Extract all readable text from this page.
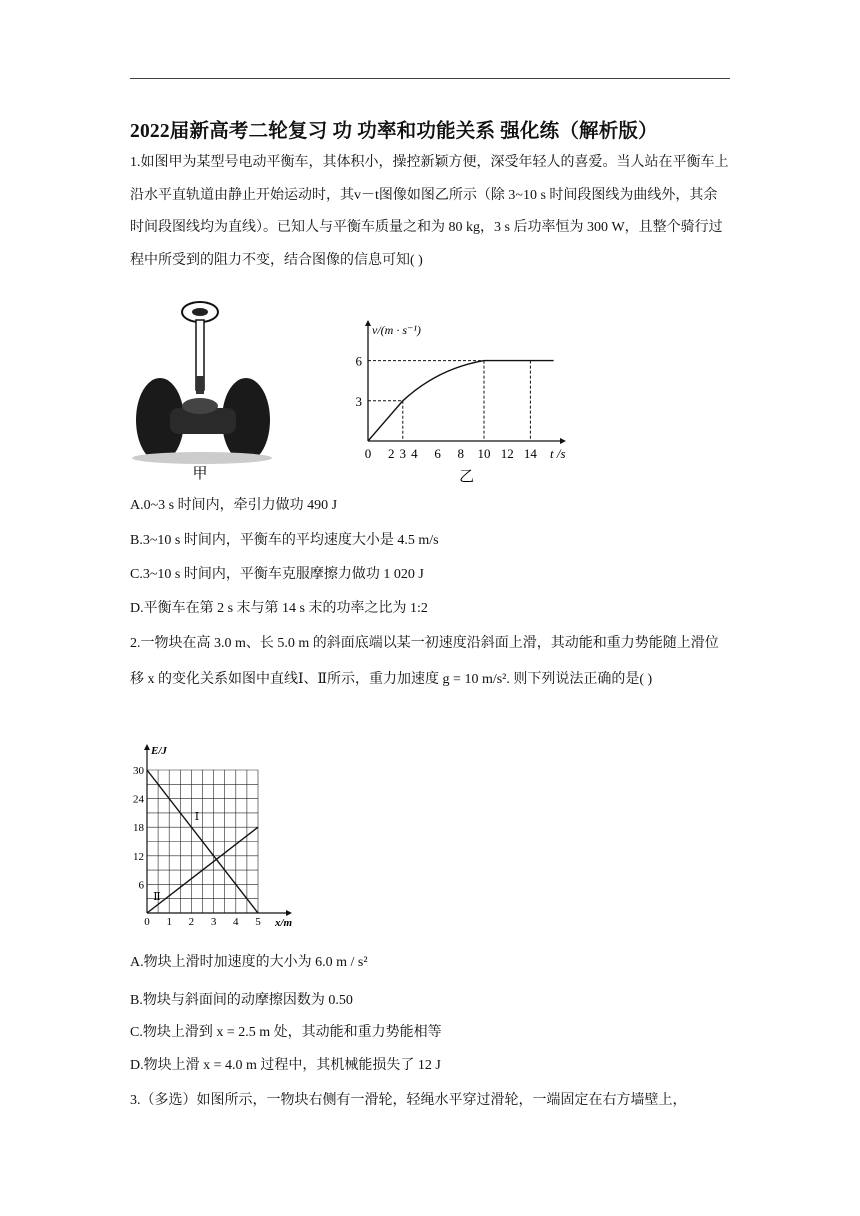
2022届新高考二轮复习 功 功率和功能关系 强化练（解析版）
1.如图甲为某型号电动平衡车，其体积小，操控新颖方便，深受年轻人的喜爱。当人站在平衡车上沿水平直轨道由静止开始运动时，其v－t图像如图乙所示（除 3~10 s 时间段图线为曲线外，其余时间段图线均为直线）。已知人与平衡车质量之和为 80 kg，3 s 后功率恒为 300 W，且整个骑行过程中所受到的阻力不变，结合图像的信息可知( )
甲
v/(m · s⁻¹)
t /s
0 2 3 4 6 8 10 12 14
3
6
乙
A.0~3 s 时间内，牵引力做功 490 J
B.3~10 s 时间内，平衡车的平均速度大小是 4.5 m/s
C.3~10 s 时间内，平衡车克服摩擦力做功 1 020 J
D.平衡车在第 2 s 末与第 14 s 末的功率之比为 1:2
2.一物块在高 3.0 m、长 5.0 m 的斜面底端以某一初速度沿斜面上滑，其动能和重力势能随上滑位移 x 的变化关系如图中直线Ⅰ、Ⅱ所示，重力加速度 g = 10 m/s². 则下列说法正确的是( )
E/J
x/m
Ⅰ
Ⅱ
0 1 2 3 4 5
6
12
18
24
30
A.物块上滑时加速度的大小为 6.0 m / s²
B.物块与斜面间的动摩擦因数为 0.50
C.物块上滑到 x = 2.5 m 处，其动能和重力势能相等
D.物块上滑 x = 4.0 m 过程中，其机械能损失了 12 J
3.（多选）如图所示，一物块右侧有一滑轮，轻绳水平穿过滑轮，一端固定在右方墙壁上，
